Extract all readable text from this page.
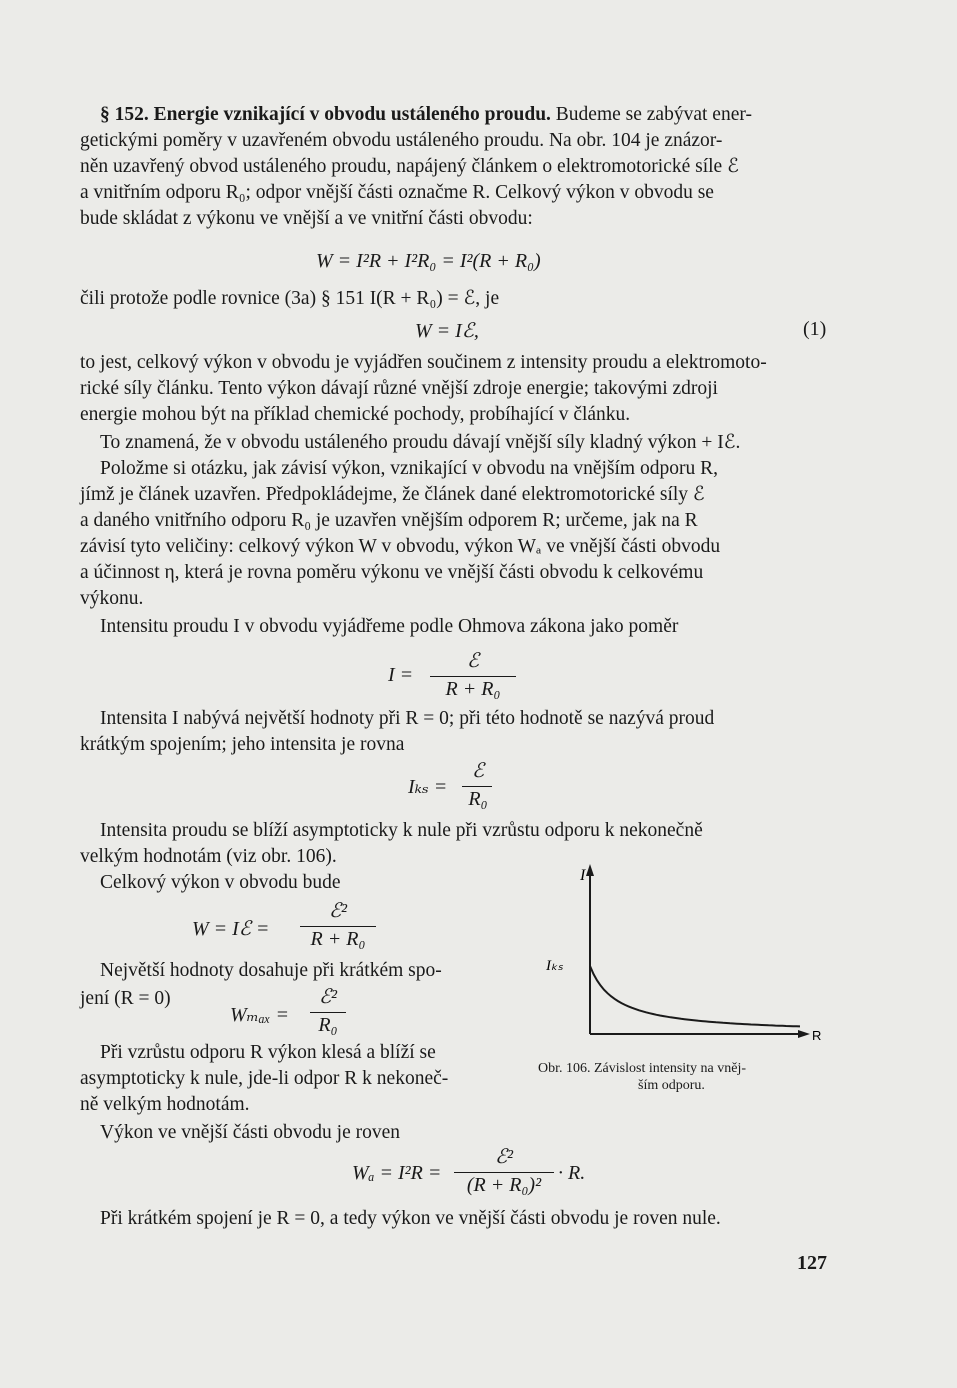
§ 152. Energie vznikající v obvodu ustáleného proudu. Budeme se zabývat ener-
getickými poměry v uzavřeném obvodu ustáleného proudu. Na obr. 104 je znázor-
něn uzavřený obvod ustáleného proudu, napájený článkem o elektromotorické síle ℰ
a vnitřním odporu R₀; odpor vnější části označme R. Celkový výkon v obvodu se
bude skládat z výkonu ve vnější a ve vnitřní části obvodu:
W = I²R + I²R₀ = I²(R + R₀)
čili protože podle rovnice (3a) § 151 I(R + R₀) = ℰ, je
W = Iℰ,	(1)
to jest, celkový výkon v obvodu je vyjádřen součinem z intensity proudu a elektromoto-
rické síly článku. Tento výkon dávají různé vnější zdroje energie; takovými zdroji
energie mohou být na příklad chemické pochody, probíhající v článku.
To znamená, že v obvodu ustáleného proudu dávají vnější síly kladný výkon + Iℰ.
Položme si otázku, jak závisí výkon, vznikající v obvodu na vnějším odporu R,
jímž je článek uzavřen. Předpokládejme, že článek dané elektromotorické síly ℰ
a daného vnitřního odporu R₀ je uzavřen vnějším odporem R; určeme, jak na R
závisí tyto veličiny: celkový výkon W v obvodu, výkon Wₐ ve vnější části obvodu
a účinnost η, která je rovna poměru výkonu ve vnější části obvodu k celkovému
výkonu.
Intensitu proudu I v obvodu vyjádřeme podle Ohmova zákona jako poměr
I =
ℰ
R + R₀
Intensita I nabývá největší hodnoty při R = 0; při této hodnotě se nazývá proud
krátkým spojením; jeho intensita je rovna
Iₖₛ =
ℰ
R₀
Intensita proudu se blíží asymptoticky k nule při vzrůstu odporu k nekonečně
velkým hodnotám (viz obr. 106).
Celkový výkon v obvodu bude
W = Iℰ =
ℰ²
R + R₀
Největší hodnoty dosahuje při krátkém spo-
jení (R = 0)
Wₘₐₓ =
ℰ²
R₀
Při vzrůstu odporu R výkon klesá a blíží se
asymptoticky k nule, jde-li odpor R k nekoneč-
ně velkým hodnotám.
I
Iₖₛ
R
Obr. 106. Závislost intensity na vněj-
ším odporu.
Výkon ve vnější části obvodu je roven
Wₐ = I²R =
ℰ²
(R + R₀)²
· R.
Při krátkém spojení je R = 0, a tedy výkon ve vnější části obvodu je roven nule.
127
